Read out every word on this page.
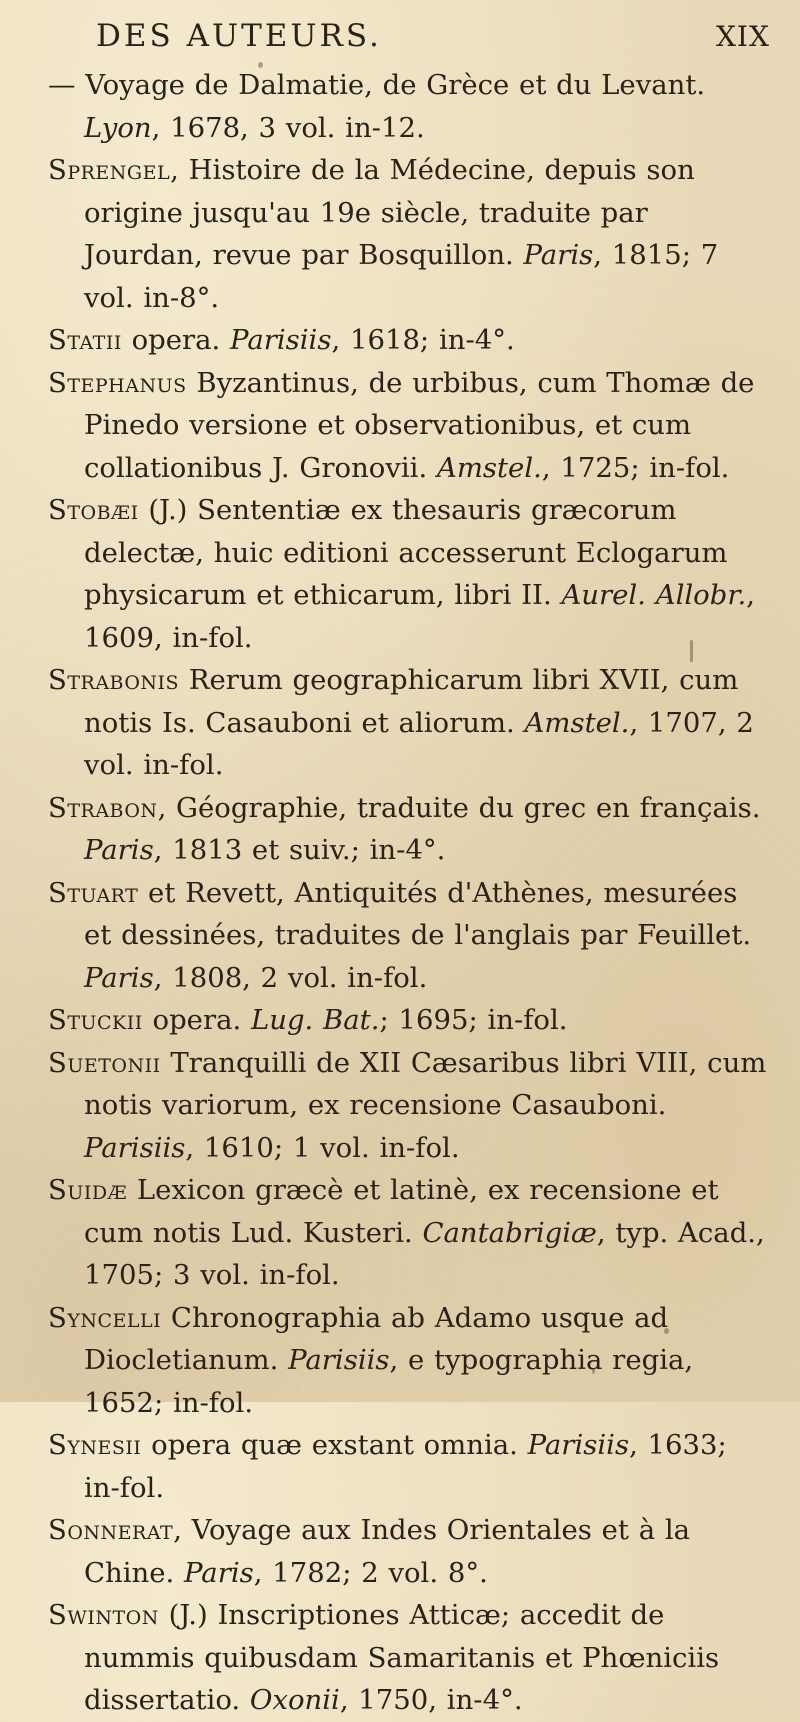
DES AUTEURS.	XIX

— Voyage de Dalmatie, de Grèce et du Levant. Lyon, 1678, 3 vol. in-12.

Sprengel, Histoire de la Médecine, depuis son origine jusqu'au 19e siècle, traduite par Jourdan, revue par Bosquillon. Paris, 1815; 7 vol. in-8°.

Statii opera. Parisiis, 1618; in-4°.

Stephanus Byzantinus, de urbibus, cum Thomæ de Pinedo versione et observationibus, et cum collationibus J. Gronovii. Amstel., 1725; in-fol.

Stobæi (J.) Sententiæ ex thesauris græcorum delectæ, huic editioni accesserunt Eclogarum physicarum et ethicarum, libri II. Aurel. Allobr., 1609, in-fol.

Strabonis Rerum geographicarum libri XVII, cum notis Is. Casauboni et aliorum. Amstel., 1707, 2 vol. in-fol.

Strabon, Géographie, traduite du grec en français. Paris, 1813 et suiv.; in-4°.

Stuart et Revett, Antiquités d'Athènes, mesurées et dessinées, traduites de l'anglais par Feuillet. Paris, 1808, 2 vol. in-fol.

Stuckii opera. Lug. Bat.; 1695; in-fol.

Suetonii Tranquilli de XII Cæsaribus libri VIII, cum notis variorum, ex recensione Casauboni. Parisiis, 1610; 1 vol. in-fol.

Suidæ Lexicon græcè et latinè, ex recensione et cum notis Lud. Kusteri. Cantabrigiæ, typ. Acad., 1705; 3 vol. in-fol.

Syncelli Chronographia ab Adamo usque ad Diocletianum. Parisiis, e typographia regia, 1652; in-fol.

Synesii opera quæ exstant omnia. Parisiis, 1633; in-fol.

Sonnerat, Voyage aux Indes Orientales et à la Chine. Paris, 1782; 2 vol. 8°.

Swinton (J.) Inscriptiones Atticæ; accedit de nummis quibusdam Samaritanis et Phœniciis dissertatio. Oxonii, 1750, in-4°.
